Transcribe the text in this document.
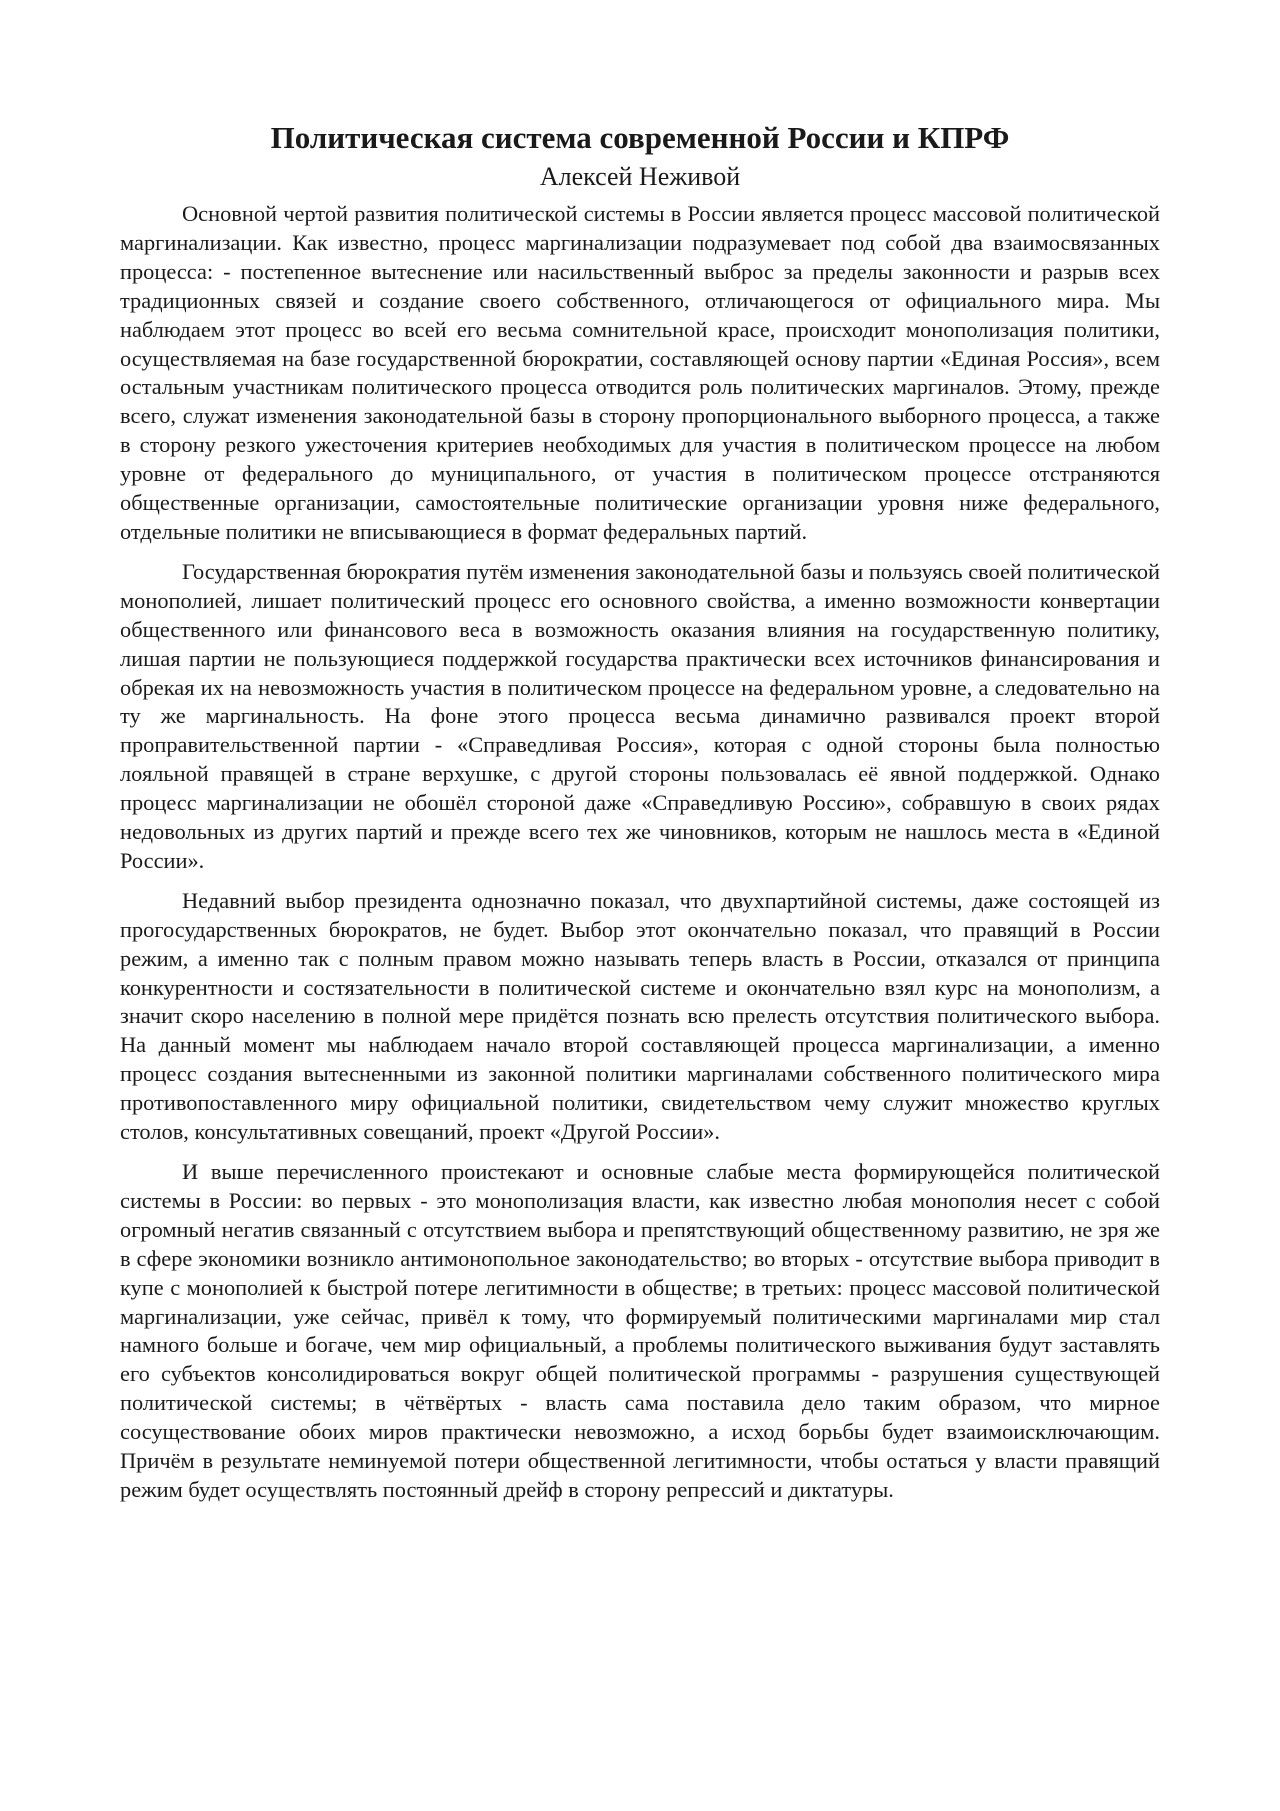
Политическая система современной России и КПРФ
Алексей Неживой

Основной чертой развития политической системы в России является процесс массовой политической маргинализации. Как известно, процесс маргинализации подразумевает под собой два взаимосвязанных процесса: - постепенное вытеснение или насильственный выброс за пределы законности и разрыв всех традиционных связей и создание своего собственного, отличающегося от официального мира. Мы наблюдаем этот процесс во всей его весьма сомнительной красе, происходит монополизация политики, осуществляемая на базе государственной бюрократии, составляющей основу партии «Единая Россия», всем остальным участникам политического процесса отводится роль политических маргиналов. Этому, прежде всего, служат изменения законодательной базы в сторону пропорционального выборного процесса, а также в сторону резкого ужесточения критериев необходимых для участия в политическом процессе на любом уровне от федерального до муниципального, от участия в политическом процессе отстраняются общественные организации, самостоятельные политические организации уровня ниже федерального, отдельные политики не вписывающиеся в формат федеральных партий.

Государственная бюрократия путём изменения законодательной базы и пользуясь своей политической монополией, лишает политический процесс его основного свойства, а именно возможности конвертации общественного или финансового веса в возможность оказания влияния на государственную политику, лишая партии не пользующиеся поддержкой государства практически всех источников финансирования и обрекая их на невозможность участия в политическом процессе на федеральном уровне, а следовательно на ту же маргинальность. На фоне этого процесса весьма динамично развивался проект второй проправительственной партии - «Справедливая Россия», которая с одной стороны была полностью лояльной правящей в стране верхушке, с другой стороны пользовалась её явной поддержкой. Однако процесс маргинализации не обошёл стороной даже «Справедливую Россию», собравшую в своих рядах недовольных из других партий и прежде всего тех же чиновников, которым не нашлось места в «Единой России».

Недавний выбор президента однозначно показал, что двухпартийной системы, даже состоящей из прогосударственных бюрократов, не будет. Выбор этот окончательно показал, что правящий в России режим, а именно так с полным правом можно называть теперь власть в России, отказался от принципа конкурентности и состязательности в политической системе и окончательно взял курс на монополизм, а значит скоро населению в полной мере придётся познать всю прелесть отсутствия политического выбора. На данный момент мы наблюдаем начало второй составляющей процесса маргинализации, а именно процесс создания вытесненными из законной политики маргиналами собственного политического мира противопоставленного миру официальной политики, свидетельством чему служит множество круглых столов, консультативных совещаний, проект «Другой России».

И выше перечисленного проистекают и основные слабые места формирующейся политической системы в России: во первых - это монополизация власти, как известно любая монополия несет с собой огромный негатив связанный с отсутствием выбора и препятствующий общественному развитию, не зря же в сфере экономики возникло антимонопольное законодательство; во вторых - отсутствие выбора приводит в купе с монополией к быстрой потере легитимности в обществе; в третьих: процесс массовой политической маргинализации, уже сейчас, привёл к тому, что формируемый политическими маргиналами мир стал намного больше и богаче, чем мир официальный, а проблемы политического выживания будут заставлять его субъектов консолидироваться вокруг общей политической программы - разрушения существующей политической системы; в чётвёртых - власть сама поставила дело таким образом, что мирное сосуществование обоих миров практически невозможно, а исход борьбы будет взаимоисключающим. Причём в результате неминуемой потери общественной легитимности, чтобы остаться у власти правящий режим будет осуществлять постоянный дрейф в сторону репрессий и диктатуры.
